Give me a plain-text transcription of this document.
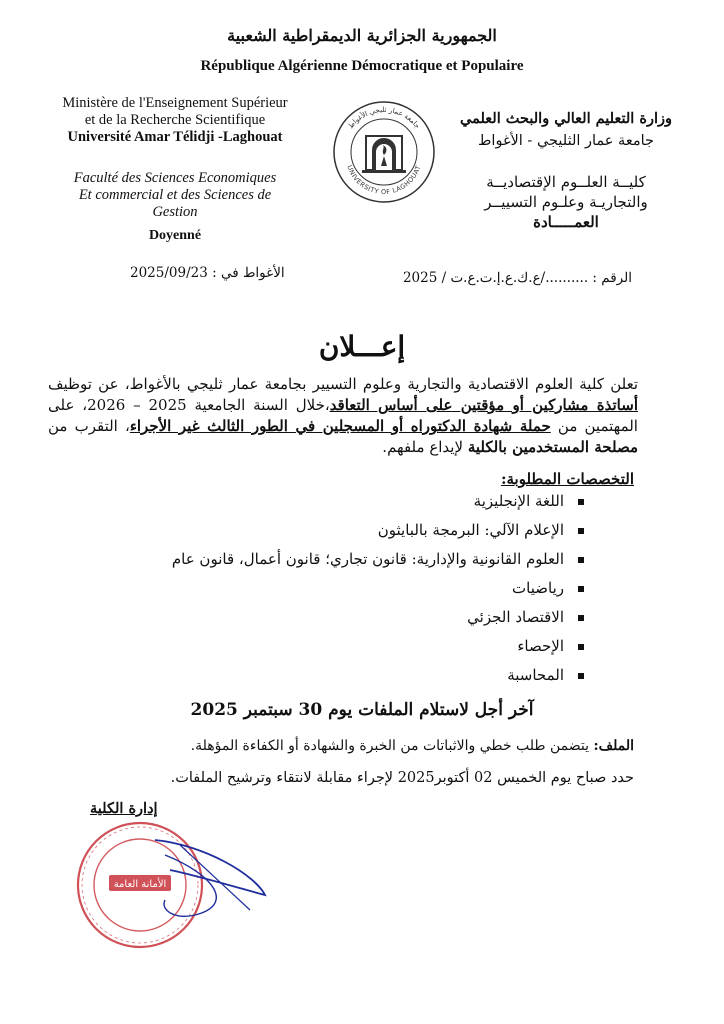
الجمهورية الجزائرية الديمقراطية الشعبية
République Algérienne Démocratique et Populaire
Ministère de l'Enseignement Supérieur
et de la Recherche Scientifique
Université Amar Télidji -Laghouat
Faculté des Sciences Economiques
Et commercial et des Sciences de
Gestion
Doyenné
وزارة التعليم العالي والبحث العلمي
جامعة عمار الثليجي - الأغواط
كليــة العلــوم الإقتصاديــة
والتجاريـة وعلـوم التسييــر
العمـــــادة
جامعة عمار ثليجي الأغواط
UNIVERSITY OF LAGHOUAT
الأغواط في : 2025/09/23	الرقم : ........../ع.ك.ع.إ.ت.ع.ت / 2025
إعـــلان
تعلن كلية العلوم الاقتصادية والتجارية وعلوم التسيير بجامعة عمار ثليجي بالأغواط، عن توظيف أساتذة مشاركين أو مؤقتين على أساس التعاقد،خلال السنة الجامعية 2025 – 2026، على المهتمين من حملة شهادة الدكتوراه أو المسجلين في الطور الثالث غير الأجراء، التقرب من مصلحة المستخدمين بالكلية لإيداع ملفهم.
التخصصات المطلوبة:
اللغة الإنجليزية
الإعلام الآلي: البرمجة بالبايثون
العلوم القانونية والإدارية: قانون تجاري؛ قانون أعمال، قانون عام
رياضيات
الاقتصاد الجزئي
الإحصاء
المحاسبة
آخر أجل لاستلام الملفات يوم 30 سبتمبر 2025
الملف: يتضمن طلب خطي والاثباتات من الخبرة والشهادة أو الكفاءة المؤهلة.
حدد صباح يوم الخميس 02 أكتوبر2025 لإجراء مقابلة لانتقاء وترشيح الملفات.
إدارة الكلية
الأمانة العامة
